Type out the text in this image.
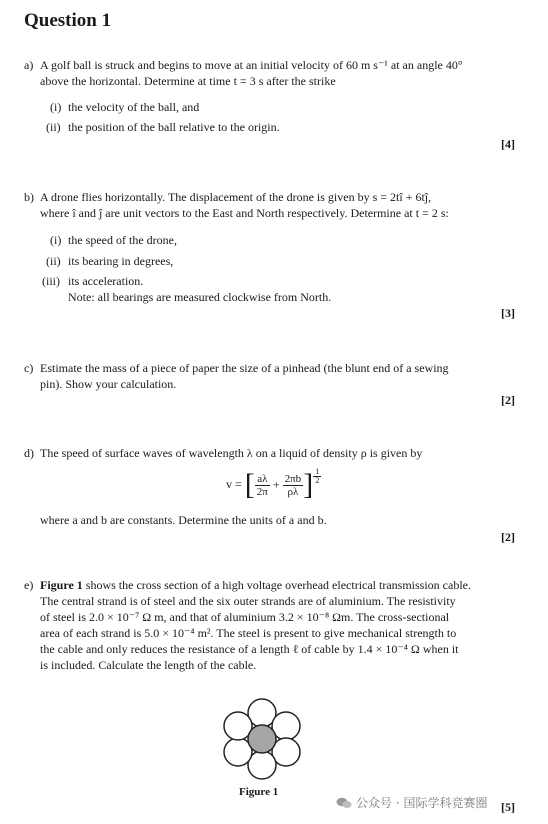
Question 1
a) A golf ball is struck and begins to move at an initial velocity of 60 m s⁻¹ at an angle 40°
above the horizontal. Determine at time t = 3 s after the strike
(i) the velocity of the ball, and
(ii) the position of the ball relative to the origin.
[4]
b) A drone flies horizontally. The displacement of the drone is given by s = 2tî + 6tĵ,
where î and ĵ are unit vectors to the East and North respectively. Determine at t = 2 s:
(i) the speed of the drone,
(ii) its bearing in degrees,
(iii) its acceleration.
Note: all bearings are measured clockwise from North.
[3]
c) Estimate the mass of a piece of paper the size of a pinhead (the blunt end of a sewing
pin). Show your calculation.
[2]
d) The speed of surface waves of wavelength λ on a liquid of density ρ is given by
v = [ $\frac{a\lambda}{2\pi} + \frac{2\pi b}{\rho\lambda}$ ] $\frac{1}{2}$
where a and b are constants. Determine the units of a and b.
[2]
e) Figure 1 shows the cross section of a high voltage overhead electrical transmission cable.
The central strand is of steel and the six outer strands are of aluminium. The resistivity
of steel is 2.0 × 10⁻⁷ Ω m, and that of aluminium 3.2 × 10⁻⁸ Ωm. The cross-sectional
area of each strand is 5.0 × 10⁻⁴ m². The steel is present to give mechanical strength to
the cable and only reduces the resistance of a length ℓ of cable by 1.4 × 10⁻⁴ Ω when it
is included. Calculate the length of the cable.
Figure 1
[5]
公众号 · 国际学科竞赛圈
